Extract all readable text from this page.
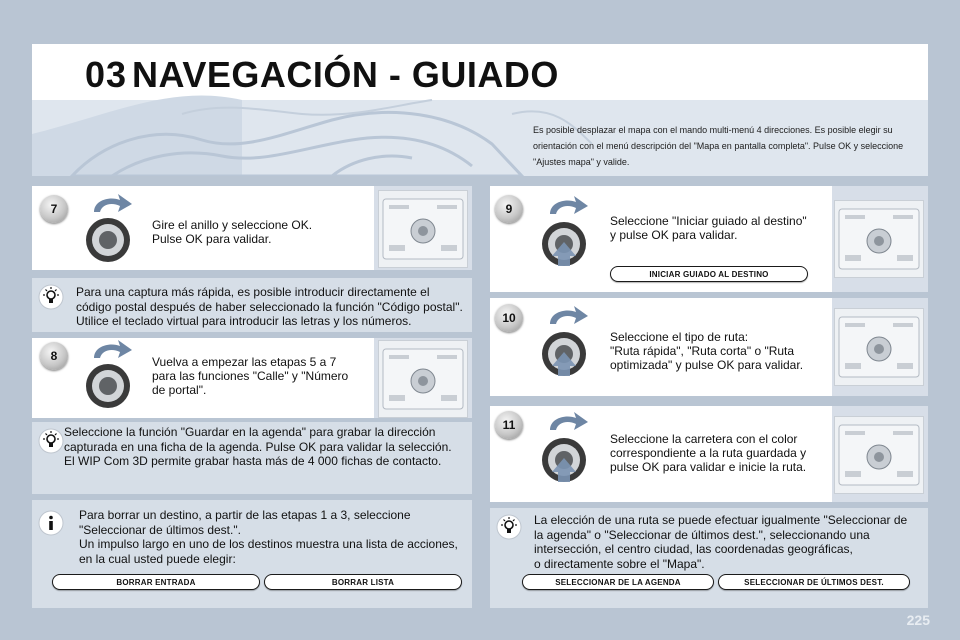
03 NAVEGACIÓN - GUIADO
Es posible desplazar el mapa con el mando multi-menú 4 direcciones. Es posible elegir su orientación con el menú descripción del "Mapa en pantalla completa". Pulse OK y seleccione "Ajustes mapa" y valide.
7
Gire el anillo y seleccione OK.
Pulse OK para validar.
Para una captura más rápida, es posible introducir directamente el código postal después de haber seleccionado la función "Código postal". Utilice el teclado virtual para introducir las letras y los números.
8	Vuelva a empezar las etapas 5 a 7
para las funciones "Calle" y "Número
de portal".
Seleccione la función "Guardar en la agenda" para grabar la dirección capturada en una ficha de la agenda. Pulse OK para validar la selección.
El WIP Com 3D permite grabar hasta más de 4 000 fichas de contacto.
Para borrar un destino, a partir de las etapas 1 a 3, seleccione "Seleccionar de últimos dest.".
Un impulso largo en uno de los destinos muestra una lista de acciones, en la cual usted puede elegir:
BORRAR ENTRADA	BORRAR LISTA
9
Seleccione "Iniciar guiado al destino"
y pulse OK para validar.
INICIAR GUIADO AL DESTINO
10
Seleccione el tipo de ruta:
"Ruta rápida", "Ruta corta" o "Ruta
optimizada" y pulse OK para validar.
11
Seleccione la carretera con el color
correspondiente a la ruta guardada y
pulse OK para validar e inicie la ruta.
La elección de una ruta se puede efectuar igualmente "Seleccionar de la agenda" o "Seleccionar de últimos dest.", seleccionando una intersección, el centro ciudad, las coordenadas geográficas,
o directamente sobre el "Mapa".
SELECCIONAR DE LA AGENDA	SELECCIONAR DE ÚLTIMOS DEST.
225
